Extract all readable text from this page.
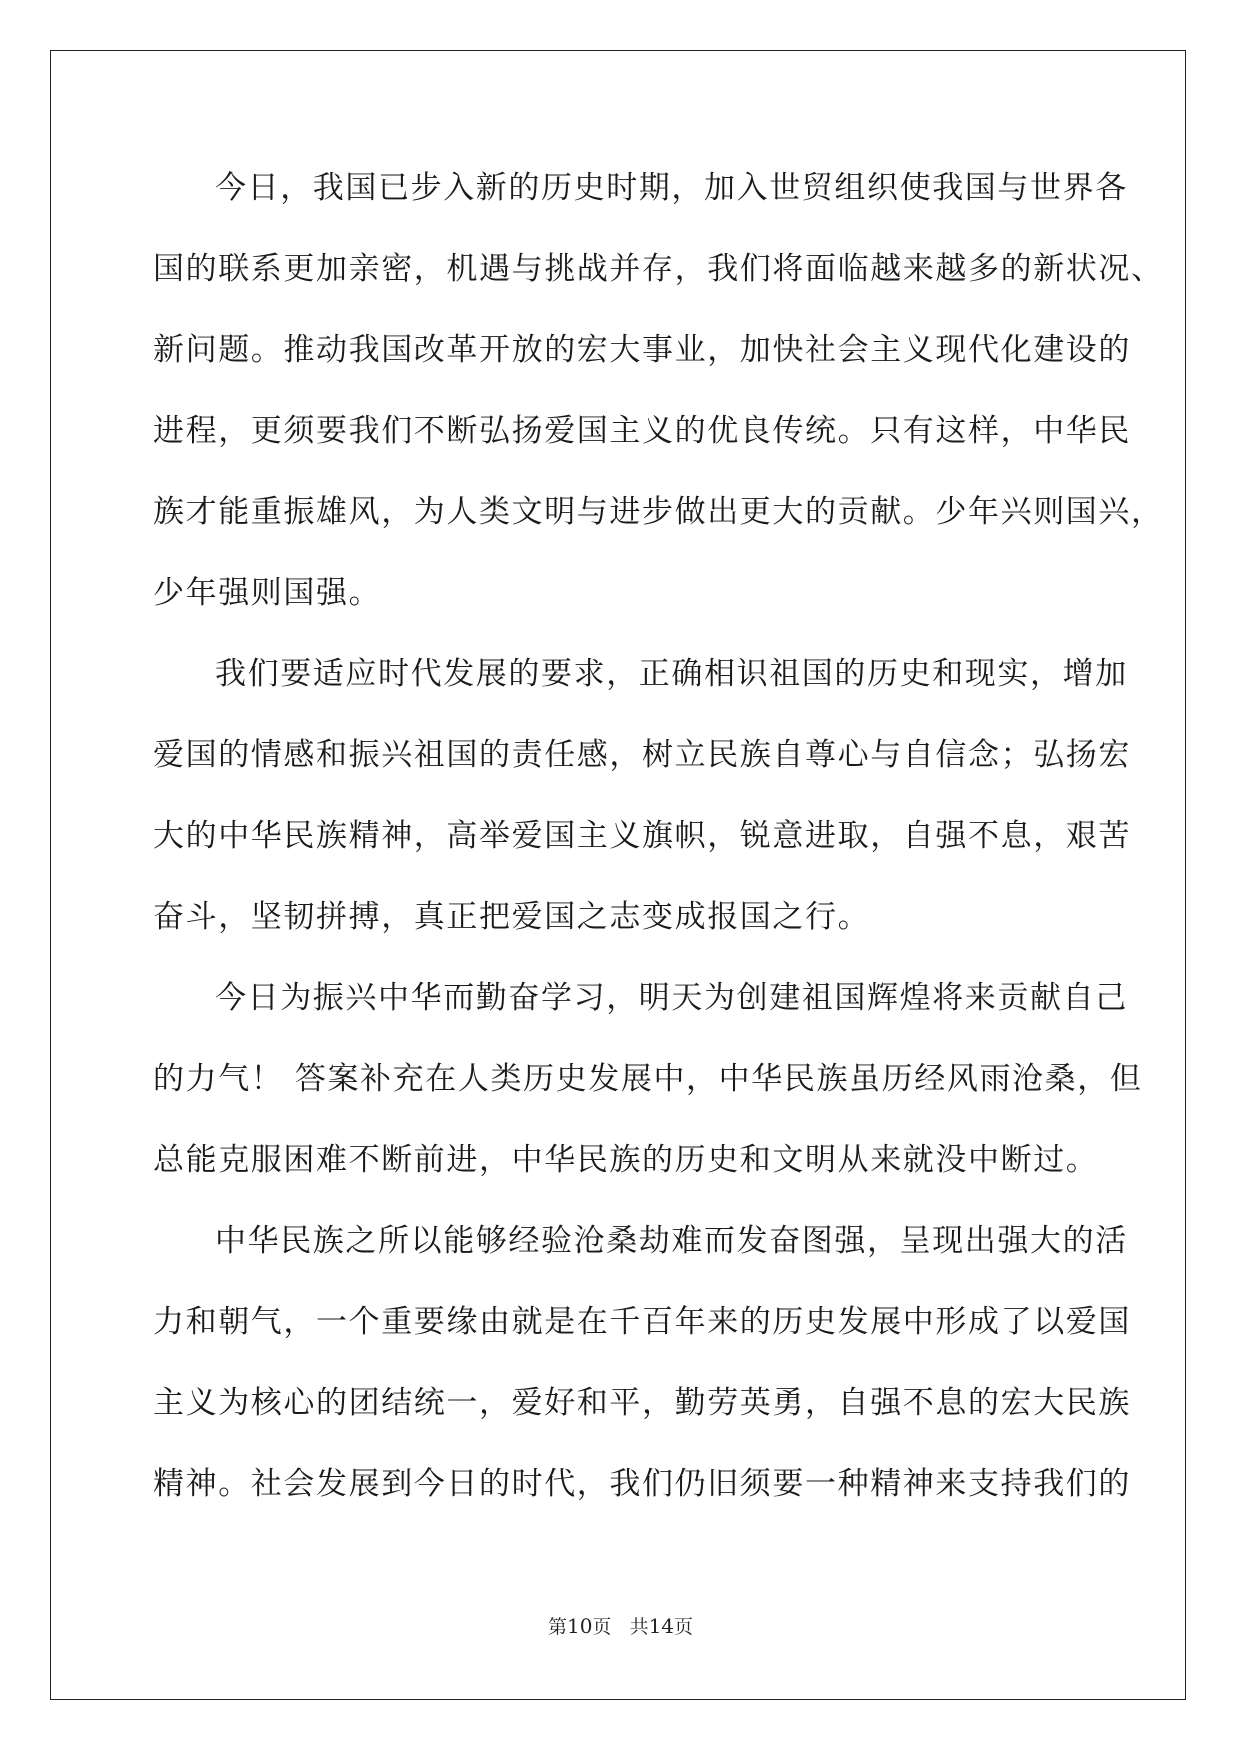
今日，我国已步入新的历史时期，加入世贸组织使我国与世界各
国的联系更加亲密，机遇与挑战并存，我们将面临越来越多的新状况、
新问题。推动我国改革开放的宏大事业，加快社会主义现代化建设的
进程，更须要我们不断弘扬爱国主义的优良传统。只有这样，中华民
族才能重振雄风，为人类文明与进步做出更大的贡献。少年兴则国兴，
少年强则国强。

我们要适应时代发展的要求，正确相识祖国的历史和现实，增加
爱国的情感和振兴祖国的责任感，树立民族自尊心与自信念；弘扬宏
大的中华民族精神，高举爱国主义旗帜，锐意进取，自强不息，艰苦
奋斗，坚韧拼搏，真正把爱国之志变成报国之行。

今日为振兴中华而勤奋学习，明天为创建祖国辉煌将来贡献自己
的力气！ 答案补充在人类历史发展中，中华民族虽历经风雨沧桑，但
总能克服困难不断前进，中华民族的历史和文明从来就没中断过。

中华民族之所以能够经验沧桑劫难而发奋图强，呈现出强大的活
力和朝气，一个重要缘由就是在千百年来的历史发展中形成了以爱国
主义为核心的团结统一，爱好和平，勤劳英勇，自强不息的宏大民族
精神。社会发展到今日的时代，我们仍旧须要一种精神来支持我们的

第10页 共14页
